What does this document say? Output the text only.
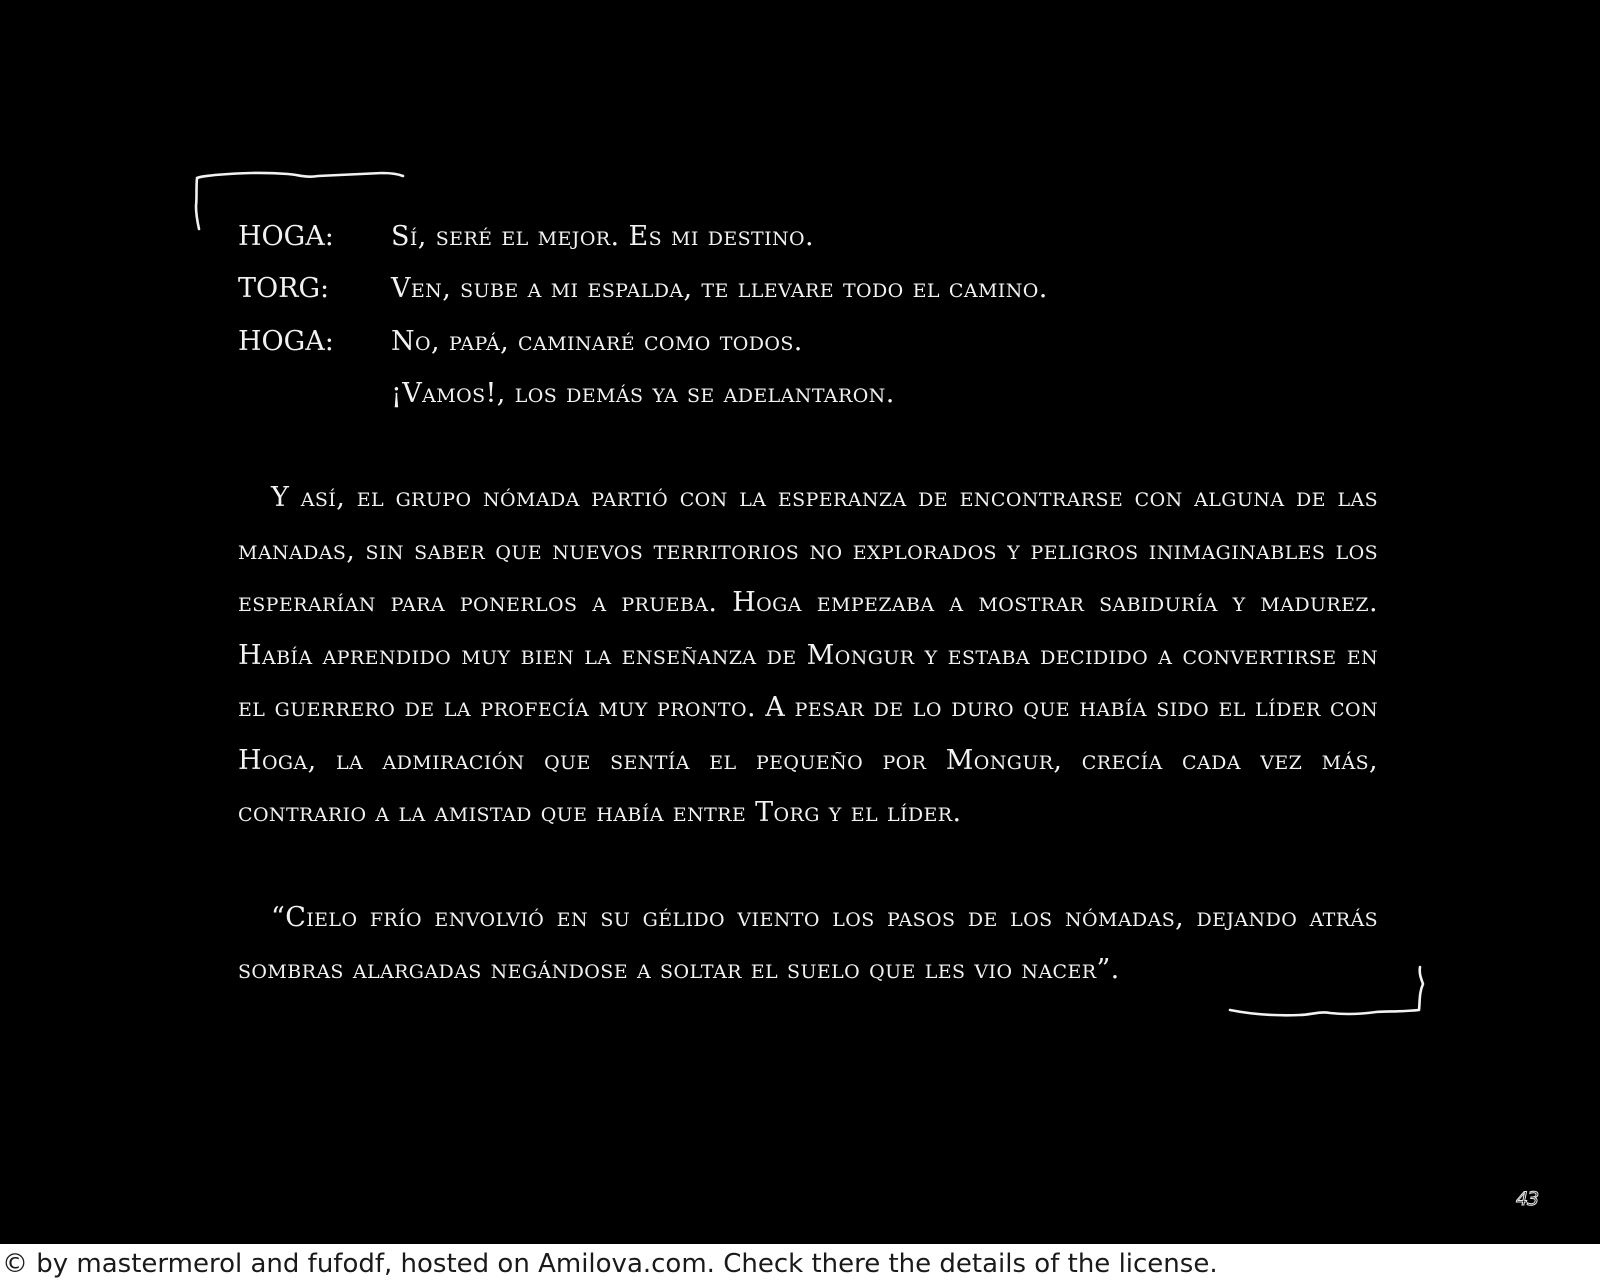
HOGA:	Sí, seré el mejor. Es mi destino.
TORG:	Ven, sube a mi espalda, te llevare todo el camino.
HOGA:	No, papá, caminaré como todos.
¡Vamos!, los demás ya se adelantaron.

Y así, el grupo nómada partió con la esperanza de encontrarse con alguna de las manadas, sin saber que nuevos territorios no explorados y peligros inimaginables los esperarían para ponerlos a prueba. Hoga empezaba a mostrar sabiduría y madurez. Había aprendido muy bien la enseñanza de Mongur y estaba decidido a convertirse en el guerrero de la profecía muy pronto. A pesar de lo duro que había sido el líder con Hoga, la admiración que sentía el pequeño por Mongur, crecía cada vez más, contrario a la amistad que había entre Torg y el líder.

“Cielo frío envolvió en su gélido viento los pasos de los nómadas, dejando atrás sombras alargadas negándose a soltar el suelo que les vio nacer”.

43
© by mastermerol and fufodf, hosted on Amilova.com. Check there the details of the license.
